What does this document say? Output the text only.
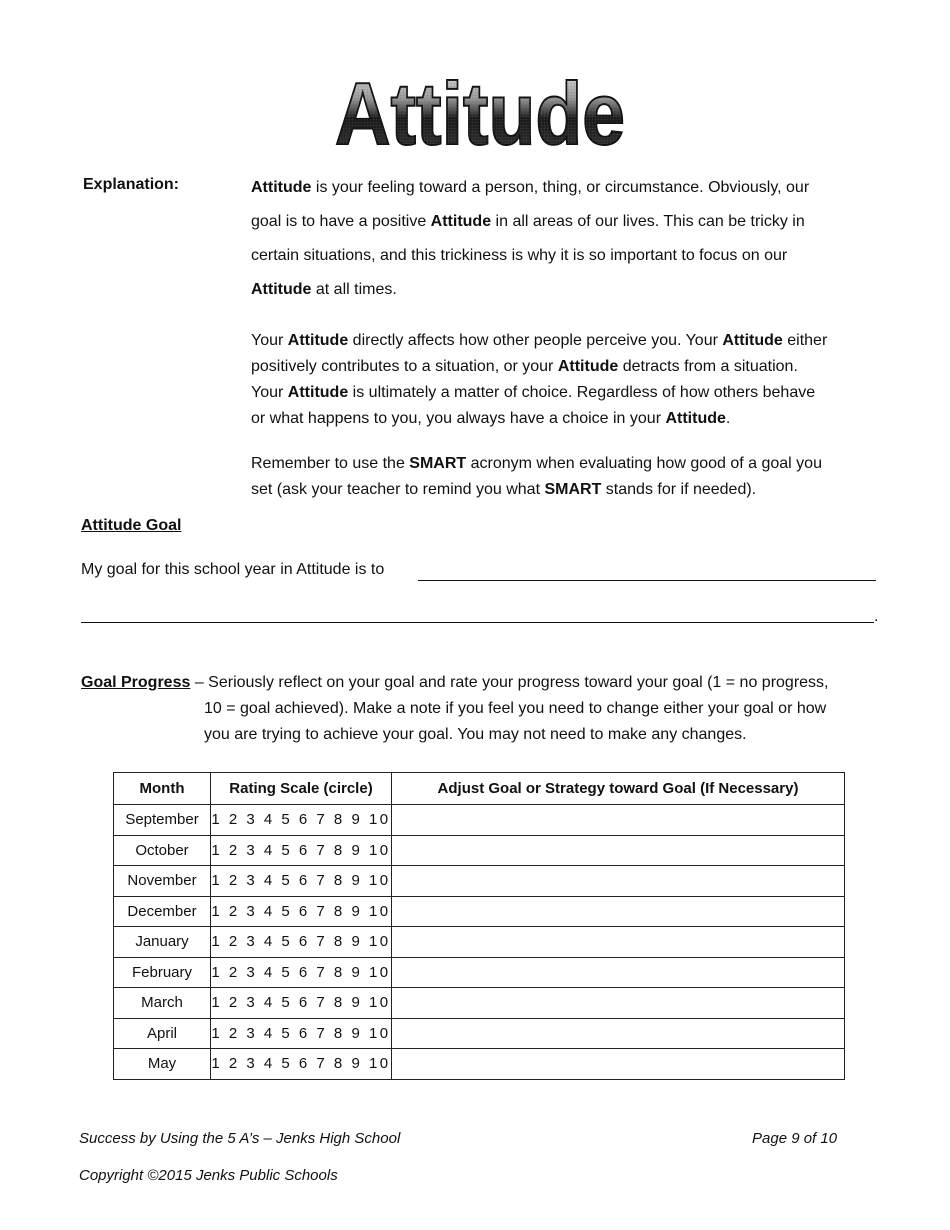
Attitude
Attitude
Explanation:	Attitude is your feeling toward a person, thing, or circumstance. Obviously, our
goal is to have a positive Attitude in all areas of our lives. This can be tricky in
certain situations, and this trickiness is why it is so important to focus on our
Attitude at all times.
Your Attitude directly affects how other people perceive you. Your Attitude either
positively contributes to a situation, or your Attitude detracts from a situation.
Your Attitude is ultimately a matter of choice. Regardless of how others behave
or what happens to you, you always have a choice in your Attitude.
Remember to use the SMART acronym when evaluating how good of a goal you
set (ask your teacher to remind you what SMART stands for if needed).
Attitude Goal
My goal for this school year in Attitude is to
.
Goal Progress – Seriously reflect on your goal and rate your progress toward your goal (1 = no progress,
10 = goal achieved). Make a note if you feel you need to change either your goal or how
you are trying to achieve your goal. You may not need to make any changes.
Month	Rating Scale (circle)	Adjust Goal or Strategy toward Goal (If Necessary)
September	1 2 3 4 5 6 7 8 9 10	
October	1 2 3 4 5 6 7 8 9 10	
November	1 2 3 4 5 6 7 8 9 10	
December	1 2 3 4 5 6 7 8 9 10	
January	1 2 3 4 5 6 7 8 9 10	
February	1 2 3 4 5 6 7 8 9 10	
March	1 2 3 4 5 6 7 8 9 10	
April	1 2 3 4 5 6 7 8 9 10	
May	1 2 3 4 5 6 7 8 9 10	
Success by Using the 5 A’s – Jenks High School	Page 9 of 10
Copyright ©2015 Jenks Public Schools
